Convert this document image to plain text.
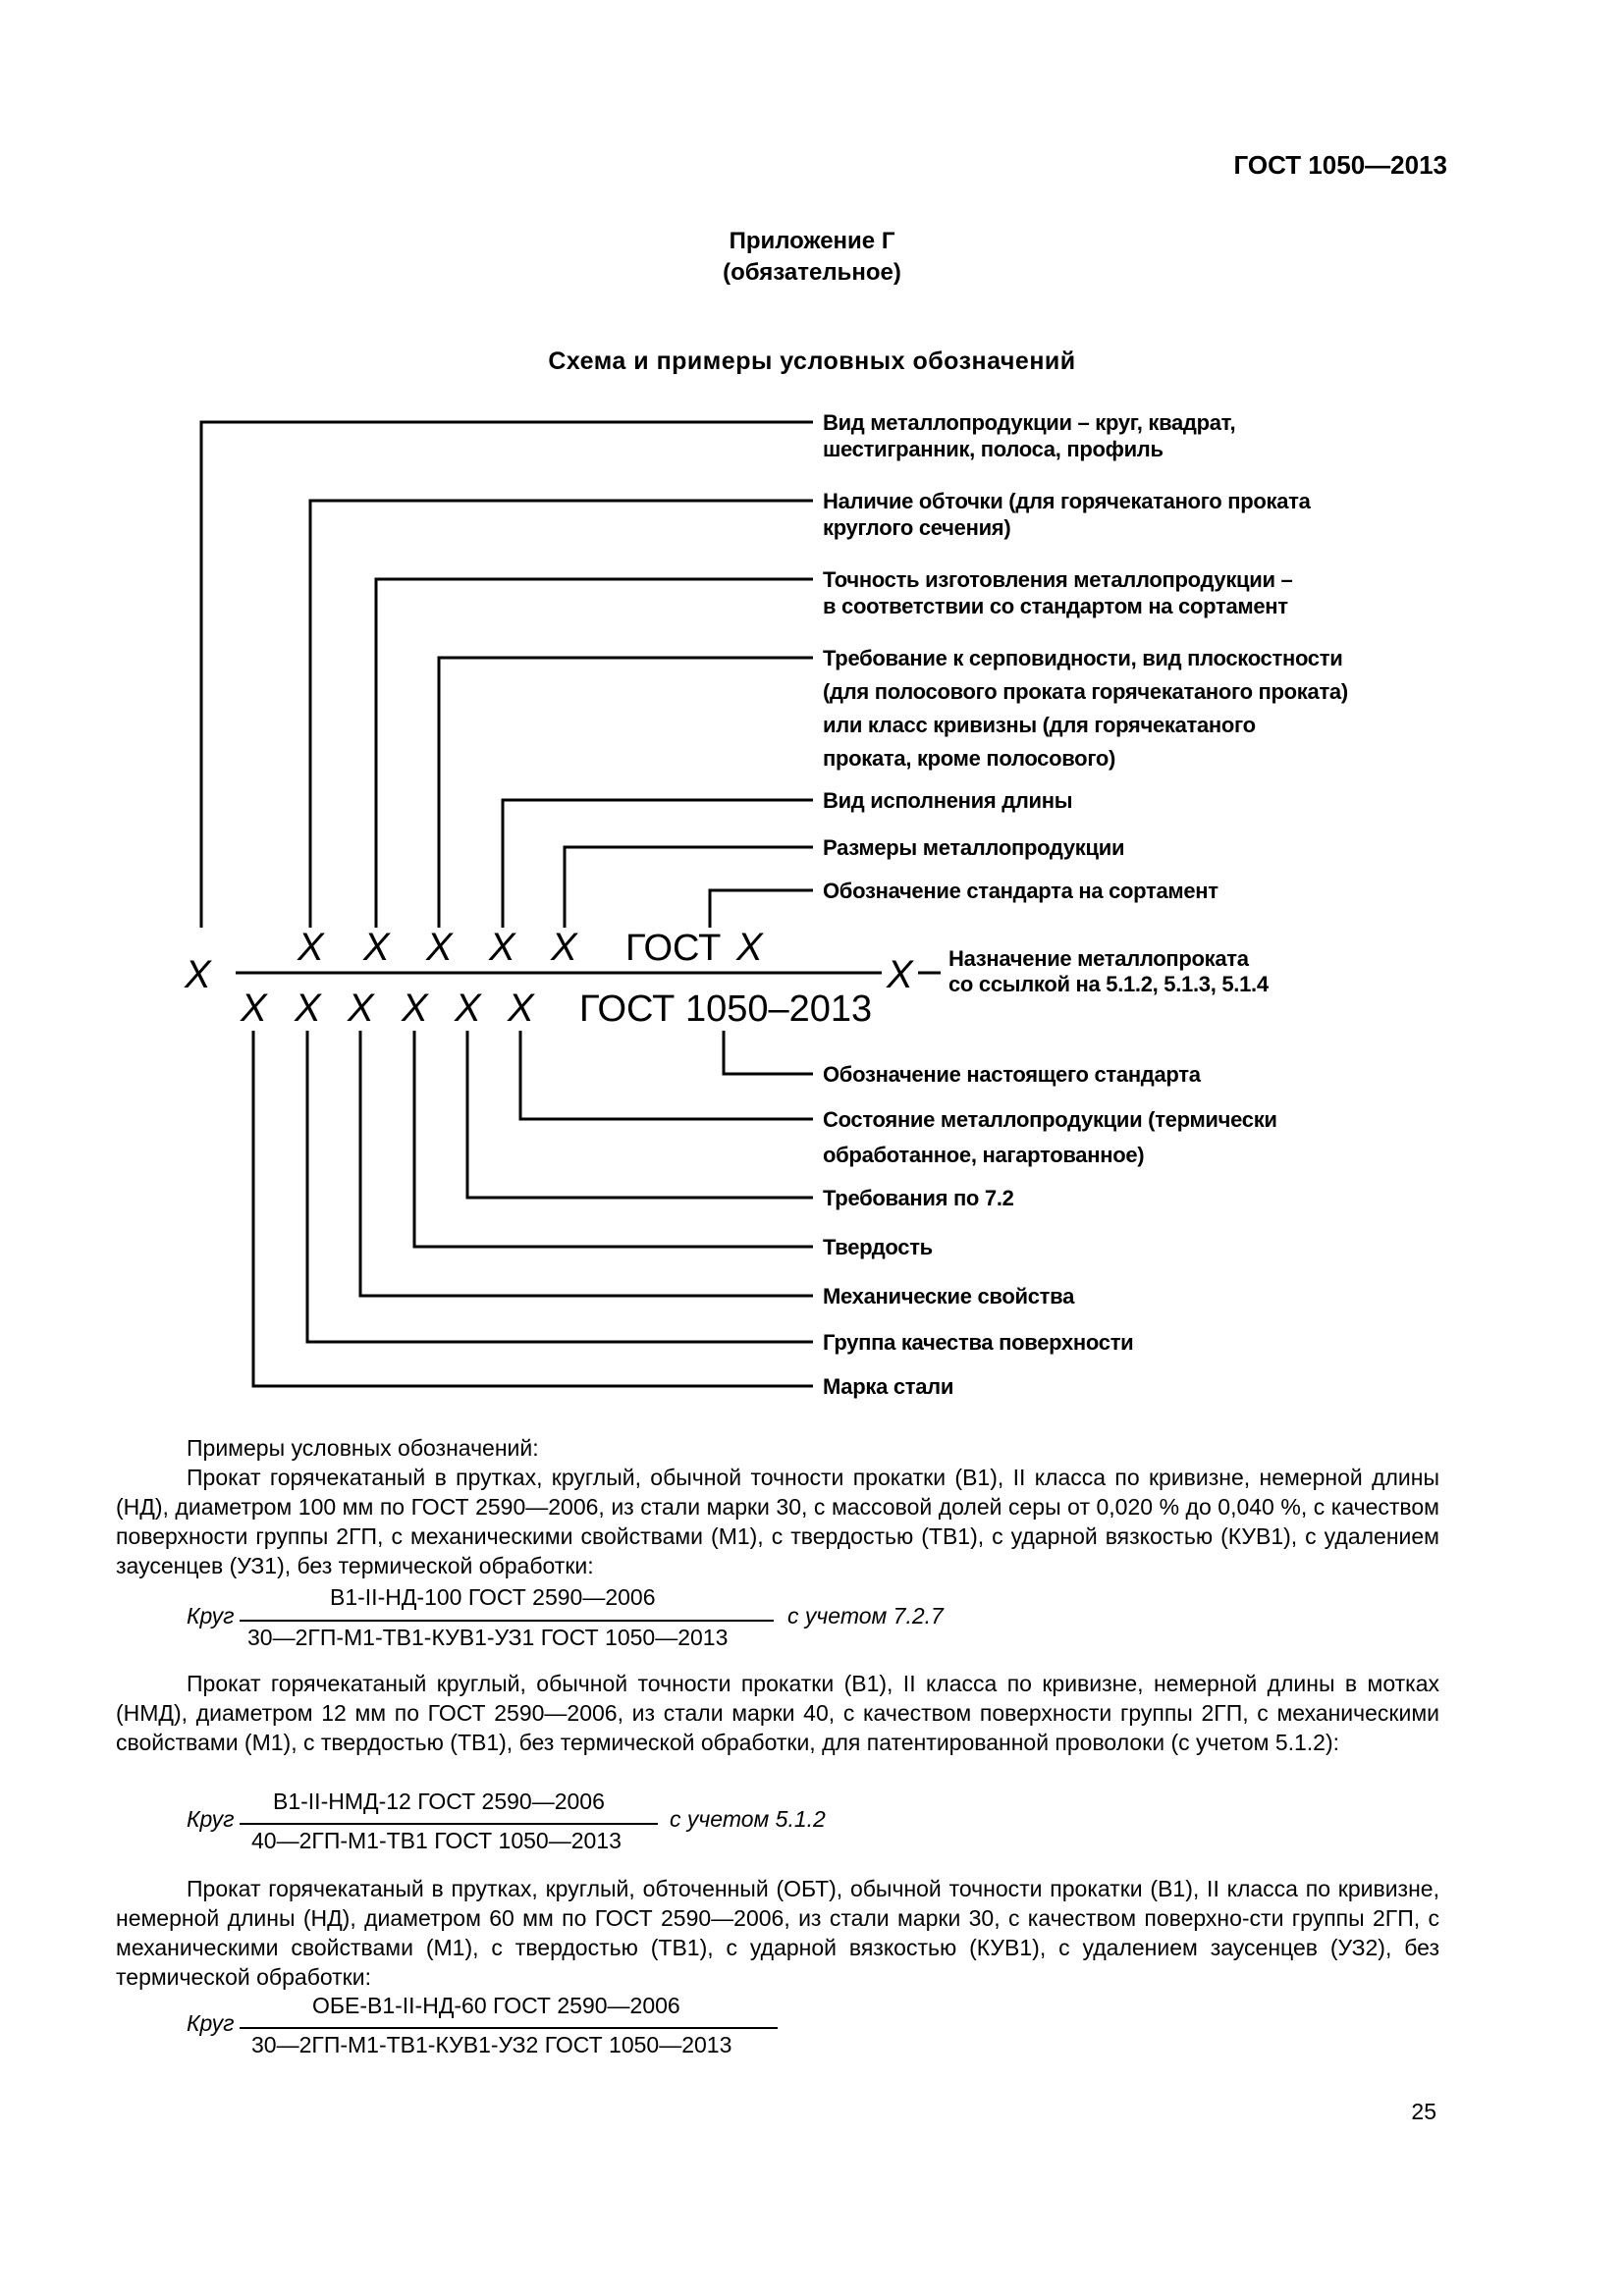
ГОСТ 1050—2013
Приложение Г
(обязательное)
Схема и примеры условных обозначений
X
X X X X X ГОСТ X
X
X X X X X X ГОСТ 1050–2013
Назначение металлопроката
со ссылкой на 5.1.2, 5.1.3, 5.1.4
Вид металлопродукции – круг, квадрат,
шестигранник, полоса, профиль
Наличие обточки (для горячекатаного проката
круглого сечения)
Точность изготовления металлопродукции –
в соответствии со стандартом на сортамент
Требование к серповидности, вид плоскостности
(для полосового проката горячекатаного проката)
или класс кривизны (для горячекатаного
проката, кроме полосового)
Вид исполнения длины
Размеры металлопродукции
Обозначение стандарта на сортамент
Обозначение настоящего стандарта
Состояние металлопродукции (термически
обработанное, нагартованное)
Требования по 7.2
Твердость
Механические свойства
Группа качества поверхности
Марка стали
Примеры условных обозначений:
Прокат горячекатаный в прутках, круглый, обычной точности прокатки (В1), II класса по кривизне, немерной длины (НД), диаметром 100 мм по ГОСТ 2590—2006, из стали марки 30, с массовой долей серы от 0,020 % до 0,040 %, с качеством поверхности группы 2ГП, с механическими свойствами (М1), с твердостью (ТВ1), с ударной вязкостью (КУВ1), с удалением заусенцев (УЗ1), без термической обработки:
В1-II-НД-100 ГОСТ 2590—2006
Круг	с учетом 7.2.7
30—2ГП-М1-ТВ1-КУВ1-УЗ1 ГОСТ 1050—2013
Прокат горячекатаный круглый, обычной точности прокатки (В1), II класса по кривизне, немерной длины в мотках (НМД), диаметром 12 мм по ГОСТ 2590—2006, из стали марки 40, с качеством поверхности группы 2ГП, с механическими свойствами (М1), с твердостью (ТВ1), без термической обработки, для патентированной проволоки (с учетом 5.1.2):
В1-II-НМД-12 ГОСТ 2590—2006
Круг	с учетом 5.1.2
40—2ГП-М1-ТВ1 ГОСТ 1050—2013
Прокат горячекатаный в прутках, круглый, обточенный (ОБТ), обычной точности прокатки (В1), II класса по кривизне, немерной длины (НД), диаметром 60 мм по ГОСТ 2590—2006, из стали марки 30, с качеством поверхно-сти группы 2ГП, с механическими свойствами (М1), с твердостью (ТВ1), с ударной вязкостью (КУВ1), с удалением заусенцев (УЗ2), без термической обработки:
ОБЕ-В1-II-НД-60 ГОСТ 2590—2006
Круг
30—2ГП-М1-ТВ1-КУВ1-УЗ2 ГОСТ 1050—2013
25
